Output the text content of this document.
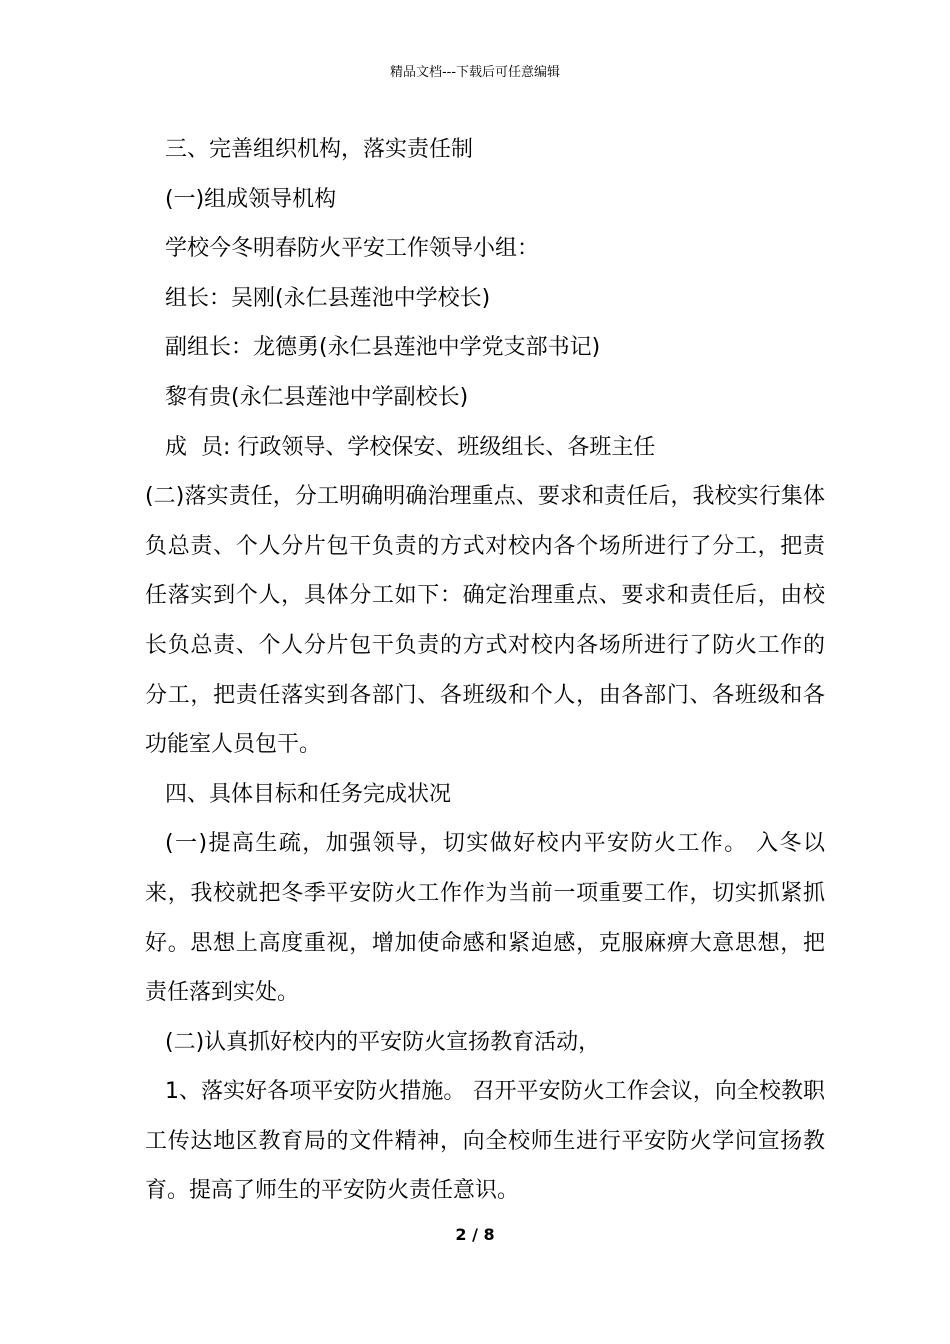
精品文档---下载后可任意编辑

三、完善组织机构，落实责任制

(一)组成领导机构

学校今冬明春防火平安工作领导小组：

组长：吴刚(永仁县莲池中学校长)

副组长：龙德勇(永仁县莲池中学党支部书记)

黎有贵(永仁县莲池中学副校长)

成  员: 行政领导、学校保安、班级组长、各班主任

(二)落实责任，分工明确明确治理重点、要求和责任后，我校实行集体负总责、个人分片包干负责的方式对校内各个场所进行了分工，把责任落实到个人，具体分工如下：确定治理重点、要求和责任后，由校长负总责、个人分片包干负责的方式对校内各场所进行了防火工作的分工，把责任落实到各部门、各班级和个人，由各部门、各班级和各功能室人员包干。

四、具体目标和任务完成状况

(一)提高生疏，加强领导，切实做好校内平安防火工作。 入冬以来，我校就把冬季平安防火工作作为当前一项重要工作，切实抓紧抓好。思想上高度重视，增加使命感和紧迫感，克服麻痹大意思想，把责任落到实处。

(二)认真抓好校内的平安防火宣扬教育活动，

1、落实好各项平安防火措施。 召开平安防火工作会议，向全校教职工传达地区教育局的文件精神，向全校师生进行平安防火学问宣扬教育。提高了师生的平安防火责任意识。

2 / 8
